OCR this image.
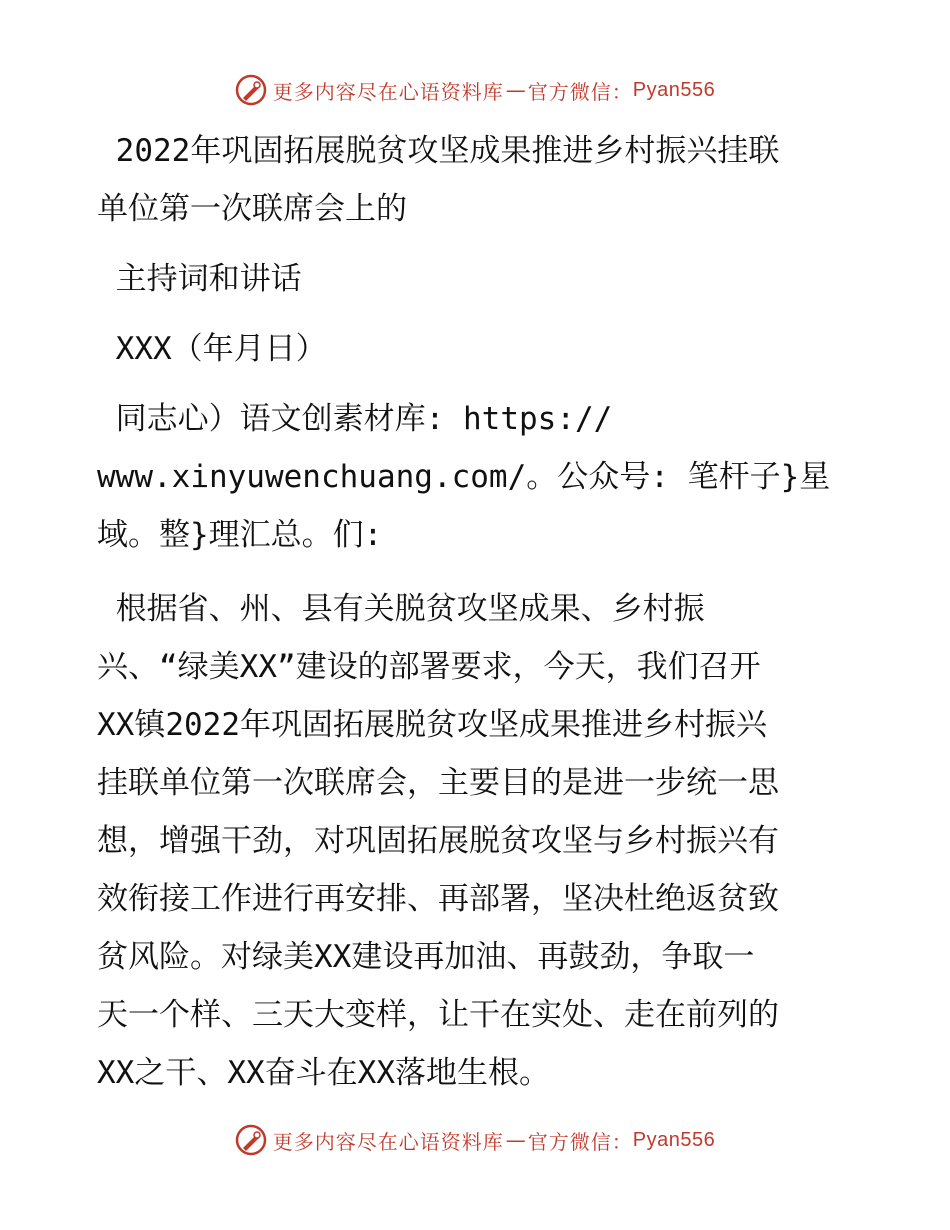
更多内容尽在心语资料库 — 官方微信： Pyan556

2022年巩固拓展脱贫攻坚成果推进乡村振兴挂联

单位第一次联席会上的

主持词和讲话

XXX（年月日）

同志心）语文创素材库: https://

www.xinyuwenchuang.com/。公众号: 笔杆子}星

域。整}理汇总。们:

根据省、州、县有关脱贫攻坚成果、乡村振

兴、“绿美XX”建设的部署要求，今天，我们召开

XX镇2022年巩固拓展脱贫攻坚成果推进乡村振兴

挂联单位第一次联席会，主要目的是进一步统一思

想，增强干劲，对巩固拓展脱贫攻坚与乡村振兴有

效衔接工作进行再安排、再部署，坚决杜绝返贫致

贫风险。对绿美XX建设再加油、再鼓劲，争取一

天一个样、三天大变样，让干在实处、走在前列的

XX之干、XX奋斗在XX落地生根。

更多内容尽在心语资料库 — 官方微信： Pyan556
